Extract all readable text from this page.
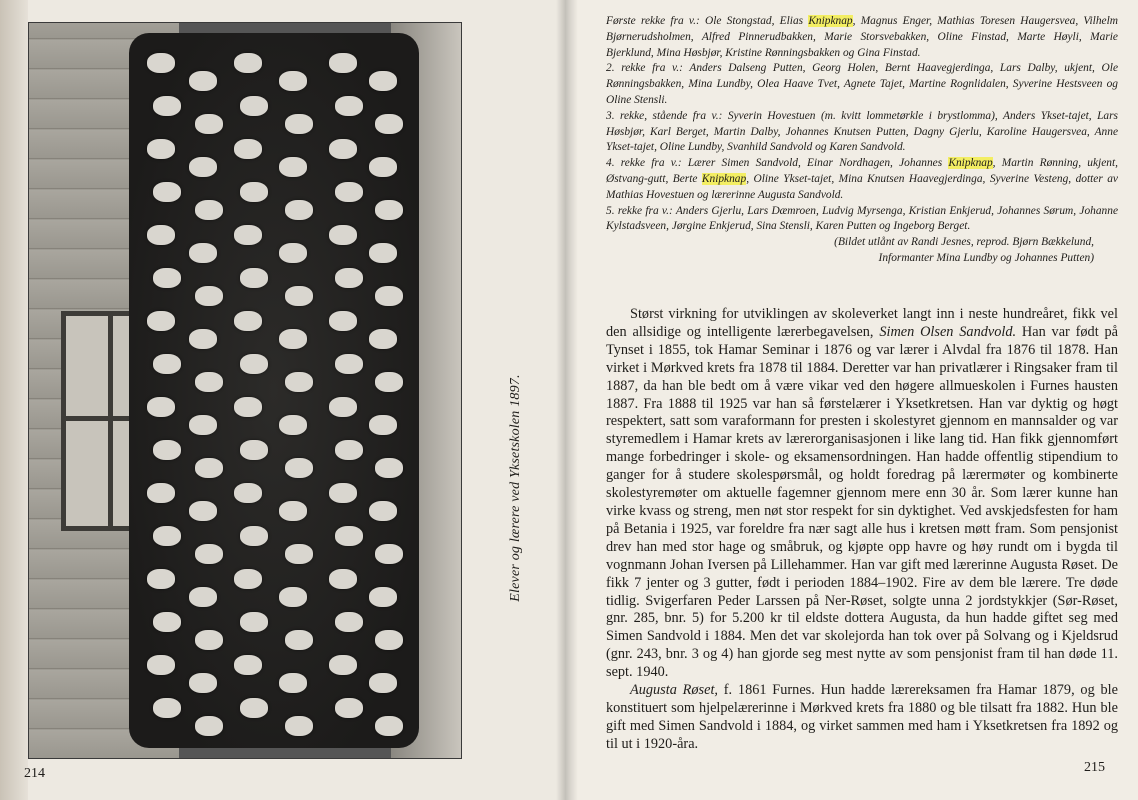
Elever og lærere ved Yksetskolen 1897.
214

Første rekke fra v.: Ole Stongstad, Elias Knipknap, Magnus Enger, Mathias Toresen Haugersvea, Vilhelm Bjørnerudsholmen, Alfred Pinnerudbakken, Marie Storsvebakken, Oline Finstad, Marte Høyli, Marie Bjerklund, Mina Høsbjør, Kristine Rønningsbakken og Gina Finstad.

2. rekke fra v.: Anders Dalseng Putten, Georg Holen, Bernt Haavegjerdinga, Lars Dalby, ukjent, Ole Rønningsbakken, Mina Lundby, Olea Haave Tvet, Agnete Tajet, Martine Rognlidalen, Syverine Hestsveen og Oline Stensli.

3. rekke, stående fra v.: Syverin Hovestuen (m. kvitt lommetørkle i brystlomma), Anders Ykset-tajet, Lars Høsbjør, Karl Berget, Martin Dalby, Johannes Knutsen Putten, Dagny Gjerlu, Karoline Haugersvea, Anne Ykset-tajet, Oline Lundby, Svanhild Sandvold og Karen Sandvold.

4. rekke fra v.: Lærer Simen Sandvold, Einar Nordhagen, Johannes Knipknap, Martin Rønning, ukjent, Østvang-gutt, Berte Knipknap, Oline Ykset-tajet, Mina Knutsen Haavegjerdinga, Syverine Vesteng, dotter av Mathias Hovestuen og lærerinne Augusta Sandvold.

5. rekke fra v.: Anders Gjerlu, Lars Dæmroen, Ludvig Myrsenga, Kristian Enkjerud, Johannes Sørum, Johanne Kylstadsveen, Jørgine Enkjerud, Sina Stensli, Karen Putten og Ingeborg Berget.

(Bildet utlånt av Randi Jesnes, reprod. Bjørn Bækkelund,

Informanter Mina Lundby og Johannes Putten)

Størst virkning for utviklingen av skoleverket langt inn i neste hundreåret, fikk vel den allsidige og intelligente lærerbegavelsen, Simen Olsen Sandvold. Han var født på Tynset i 1855, tok Hamar Seminar i 1876 og var lærer i Alvdal fra 1876 til 1878. Han virket i Mørkved krets fra 1878 til 1884. Deretter var han privatlærer i Ringsaker fram til 1887, da han ble bedt om å være vikar ved den høgere allmueskolen i Furnes hausten 1887. Fra 1888 til 1925 var han så førstelærer i Yksetkretsen. Han var dyktig og høgt respektert, satt som varaformann for presten i skolestyret gjennom en mannsalder og var styremedlem i Hamar krets av lærerorganisasjonen i like lang tid. Han fikk gjennomført mange forbedringer i skole- og eksamensordningen. Han hadde offentlig stipendium to ganger for å studere skolespørsmål, og holdt foredrag på lærermøter og kombinerte skolestyremøter om aktuelle fagemner gjennom mere enn 30 år. Som lærer kunne han virke kvass og streng, men nøt stor respekt for sin dyktighet. Ved avskjedsfesten for ham på Betania i 1925, var foreldre fra nær sagt alle hus i kretsen møtt fram. Som pensjonist drev han med stor hage og småbruk, og kjøpte opp havre og høy rundt om i bygda til vognmann Johan Iversen på Lillehammer. Han var gift med lærerinne Augusta Røset. De fikk 7 jenter og 3 gutter, født i perioden 1884–1902. Fire av dem ble lærere. Tre døde tidlig. Svigerfaren Peder Larssen på Ner-Røset, solgte unna 2 jordstykkjer (Sør-Røset, gnr. 285, bnr. 5) for 5.200 kr til eldste dottera Augusta, da hun hadde giftet seg med Simen Sandvold i 1884. Men det var skolejorda han tok over på Solvang og i Kjeldsrud (gnr. 243, bnr. 3 og 4) han gjorde seg mest nytte av som pensjonist fram til han døde 11. sept. 1940.

Augusta Røset, f. 1861 Furnes. Hun hadde lærereksamen fra Hamar 1879, og ble konstituert som hjelpelærerinne i Mørkved krets fra 1880 og ble tilsatt fra 1882. Hun ble gift med Simen Sandvold i 1884, og virket sammen med ham i Yksetkretsen fra 1892 og til ut i 1920-åra.

215
